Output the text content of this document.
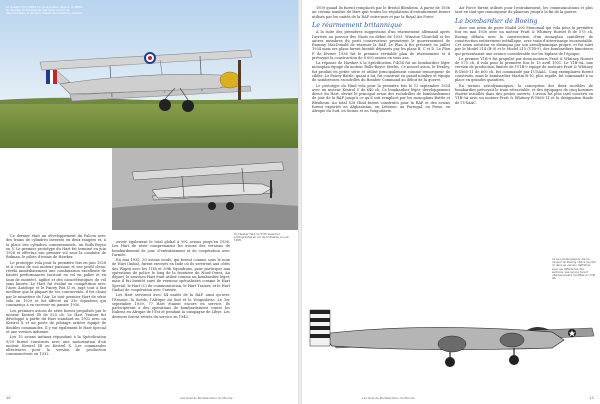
Le Hawker Hart K3009 du constructeur, devenu G-ABMR, sur la piste de Brooklands. Cet avion a servi de démonstrateur et de banc d'essai de nombreux moteurs.
Un Hawker Hart du 57th Squadron photographié en vol de formation en juin 1938.

Ce dernier était un développement du Falcon avec des trains de cylindres inversés en deux rangées et, à la place des cylindres conventionnels, un Rolls-Royce en V. Le premier prototype du Hart fut terminé en juin 1928 et effectua son premier vol sous la conduite de Bulman, le pilote d'essais de Hawker.

Le prototype vola pour la première fois en juin 1928 et à cause de son moteur puissant et son profil clean, révéla immédiatement une combinaison excellente de hautes performances (surtout en vol en palier et en taux de montée), agilité et des caractéristiques de vol sans heurts. Le Hart fut évalué en compétition avec l'Avro Antelope et le Fairey Fox II et, jugé tout à fait meilleur que la plupart de ses concurrents, il fut choisi par le ministère de l'Air. Le tout premier Hart de série vola en 1929 et fut affecté au 33e Squadron qui commença à en recevoir en janvier 1930.

Les premiers avions de série furent propulsés par le moteur Kestrel IB de 525 ch. Le Hart Trainer fut développé à partir du Hart standard en 1932 avec un Kestrel X et un poste de pilotage arrière équipé de doubles commandes. Il y eut également le Hart Special et une version indienne.

Les 15 avions initiaux répondant à la Spécification 9/29 furent construits avec une motorisation d'un moteur Kestrel IB ou Kestrel X. Les commandes ultérieures pour la version de production commencèrent en 1932.

ouvrir également le total global à 992 avions jusqu'en 1936. Les Hart de série comprenaient les avions des versions de bombardement de jour, d'entraînement et de coopération avec l'armée.

En mai 1935, 30 avions neufs, qui furent connus sous le nom de Hart (India), furent envoyés en Inde où ils servirent aux côtés des Wapiti avec les 11th et 39th Squadrons, pour participer aux opérations de police le long de la frontière du Nord-Ouest. Au départ, le nouveau Hart était utilisé comme un bombardier léger, mais il fut bientôt suivi de versions spécialisées comme le Hart Special, le Hart (C) de communication, le Hart Trainer, et le Hart (India) de coopération avec l'armée.

Les Hart servirent avec 44 unités de la RAF, ainsi qu'avec l'Estonie, la Suède, l'Afrique du Sud et la Yougoslavie. Le 1er septembre 1939, 77 Hart étaient encore en service. Ils participèrent à des opérations de bombardement contre les Italiens en Afrique de l'Est et pendant la campagne de Libye. Les derniers furent retirés du service en 1943.

10	Les Grands Bombardiers du Monde

1939 quand ils furent remplacés par le Bristol Blenheim. A partir de 1936 un certain nombre de Hart quit toutes les régulations d'entraînement furent utilisés par les unités de la RAF outre-mer et par la Royal Air Force.

Le réarmement britannique

A la suite des premières suggestions d'un réarmement allemand après l'arrivée au pouvoir des Nazis en début de 1933, Winston Churchill et les autres membres du parti conservateur pressèrent le gouvernement de Ramsay MacDonald de réarmer la RAF. Le Plan A fut présenté en juillet 1934 mais ses plans furent bientôt dépassés par les plans B, C et D. Le Plan F de février 1936 fut le premier véritable plan de réarmement et il prévoyait la construction de 8 000 avions en trois ans.

La réponse de Hawker à la Spécification P.4/34 fut un bombardier léger monoplan équipé du moteur Rolls-Royce Merlin. Ce nouvel avion, le Henley, fut produit en petite série et utilisé principalement comme remorqueur de cibles. Le Fairey Battle, quant à lui, fut construit en grand nombre et équipa de nombreuses escadrilles du Bomber Command au début de la guerre.

Le prototype du Hind vola pour la première fois le 12 septembre 1934 avec un moteur Kestrel V de 640 ch. Ce bombardier léger, développement direct du Hart, devint le principal avion des escadrilles de bombardement de jour de la RAF jusqu'à ce qu'il soit remplacé par les monoplans Battle et Blenheim. Au total 528 Hind furent construits pour la RAF et des avions furent exportés en Afghanistan, en Lettonie, au Portugal, en Perse, en Afrique du Sud, en Suisse et en Yougoslavie.

Air Force furent utilisés pour l'entraînement, les communications et plus tard en tant que remorqueur de planeurs jusqu'à la fin de la guerre.

Le bombardier de Boeing

Avec son avion de poste Model 200 Monomail qui vola pour la première fois en mai 1930 avec un moteur Pratt & Whitney Hornet B de 575 ch, Boeing débuta avec la construction d'un monoplan cantilever de construction entièrement métallique, avec train d'atterrissage escamotable. Cet avion novateur se distingua par son aérodynamique propre, et fut suivi par le Model 214 (B-9) et le Model 215 (Y1B-9), des bombardiers bimoteurs qui présentaient une avance considérable sur les biplans de l'époque.

Le premier Y1B-9 fut propulsé par deux moteurs Pratt & Whitney Hornet de 575 ch, il vola pour la première fois le 13 avril 1931. Le Y1B-9A, une version de production limitée de l'Y1B-9 équipé de moteurs Pratt & Whitney R-1860-11 de 600 ch, fut commandé par l'USAAC. Cinq exemplaires furent construits, mais le bombardier Martin B-10, plus rapide, fut commandé à sa place en grandes quantités.

En termes aérodynamiques, la conception des deux modèles de bombardier prévoyait le train rétractable, et des équipages de cinq hommes étaient installés dans des postes ouverts. L'avion fut plus tard converti en Y1B-9A avec un moteur Pratt & Whitney R-1860-11 et la désignation finale de l'USAAC.

Le seul photographie donne l'avenir du Boeing Y1B-9 montré ici dans sa version définitive, avec les différentes des sections. Les avions furent ultérieurement modifiés en Y1B-9A.
Les Grands Bombardiers du Monde	11
